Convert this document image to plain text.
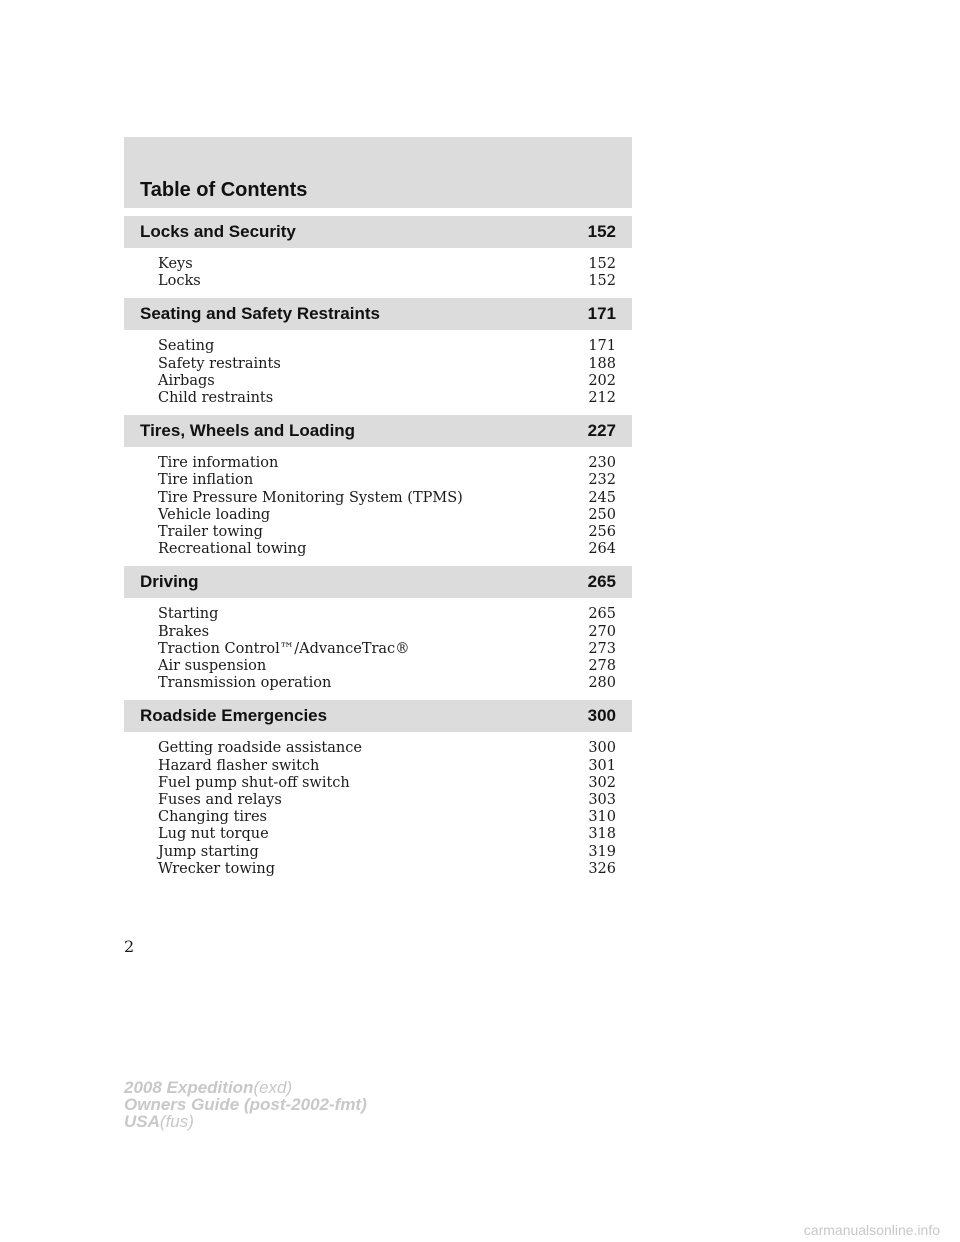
Table of Contents
Locks and Security	152
Keys	152
Locks	152
Seating and Safety Restraints	171
Seating	171
Safety restraints	188
Airbags	202
Child restraints	212
Tires, Wheels and Loading	227
Tire information	230
Tire inflation	232
Tire Pressure Monitoring System (TPMS)	245
Vehicle loading	250
Trailer towing	256
Recreational towing	264
Driving	265
Starting	265
Brakes	270
Traction Control™/AdvanceTrac®	273
Air suspension	278
Transmission operation	280
Roadside Emergencies	300
Getting roadside assistance	300
Hazard flasher switch	301
Fuel pump shut-off switch	302
Fuses and relays	303
Changing tires	310
Lug nut torque	318
Jump starting	319
Wrecker towing	326
2
2008 Expedition(exd)
Owners Guide (post-2002-fmt)
USA(fus)
carmanualsonline.info
